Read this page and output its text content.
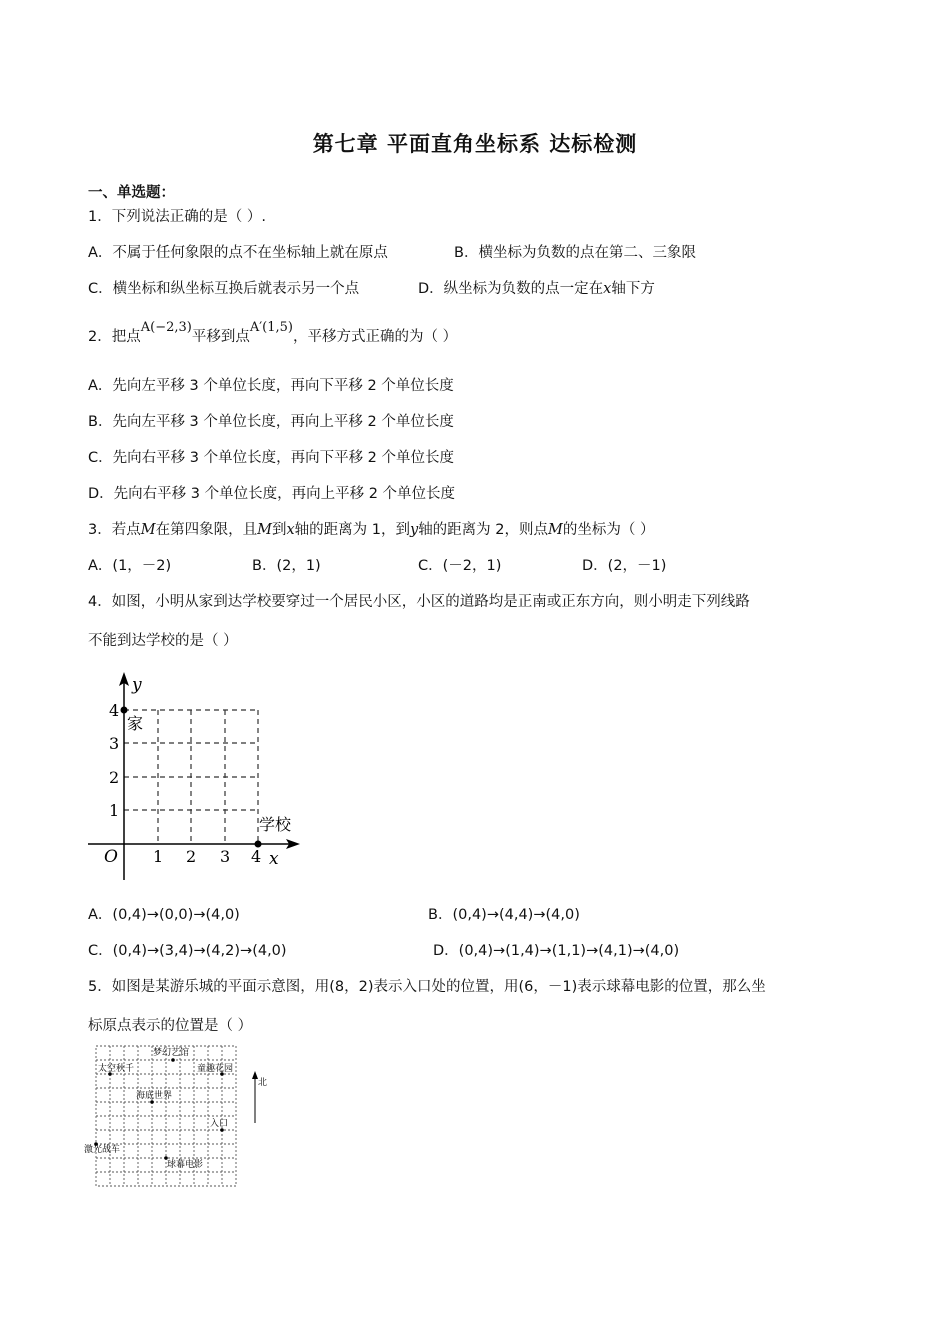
第七章 平面直角坐标系 达标检测
一、单选题：
1．下列说法正确的是（ ）.
A．不属于任何象限的点不在坐标轴上就在原点	B．横坐标为负数的点在第二、三象限
C．横坐标和纵坐标互换后就表示另一个点	D．纵坐标为负数的点一定在x轴下方
2．把点A(−2,3)平移到点A′(1,5)，平移方式正确的为（ ）
A．先向左平移 3 个单位长度，再向下平移 2 个单位长度
B．先向左平移 3 个单位长度，再向上平移 2 个单位长度
C．先向右平移 3 个单位长度，再向下平移 2 个单位长度
D．先向右平移 3 个单位长度，再向上平移 2 个单位长度
3．若点M在第四象限，且M到x轴的距离为 1，到y轴的距离为 2，则点M的坐标为（ ）
A．(1，－2)	B．(2，1)	C．(－2，1)	D．(2，－1)
4．如图，小明从家到达学校要穿过一个居民小区，小区的道路均是正南或正东方向，则小明走下列线路
不能到达学校的是（ ）
y
x
O 1 2 3 4
1
2
3
4
家
学校
A．(0,4)→(0,0)→(4,0)	B．(0,4)→(4,4)→(4,0)
C．(0,4)→(3,4)→(4,2)→(4,0)	D．(0,4)→(1,4)→(1,1)→(4,1)→(4,0)
5．如图是某游乐城的平面示意图，用(8，2)表示入口处的位置，用(6，－1)表示球幕电影的位置，那么坐
标原点表示的位置是（ ）
梦幻艺馆
太空秋千	童趣花园
海底世界
入口
激光战车
球幕电影
北
